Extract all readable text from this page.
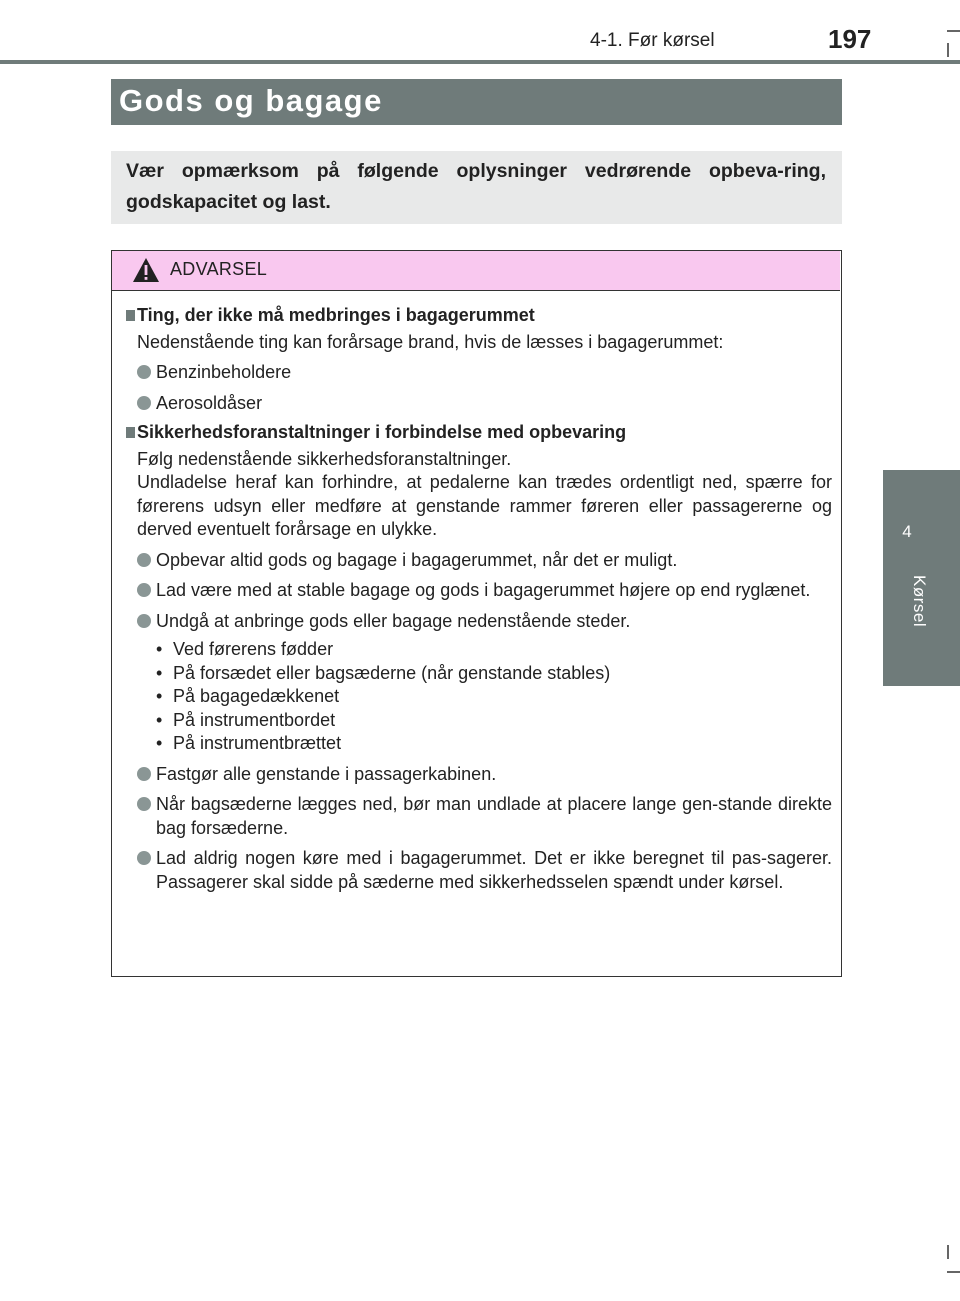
4-1. Før kørsel	197
4
Kørsel
Gods og bagage
Vær opmærksom på følgende oplysninger vedrørende opbeva-ring, godskapacitet og last.
ADVARSEL
Ting, der ikke må medbringes i bagagerummet
Nedenstående ting kan forårsage brand, hvis de læsses i bagagerummet:
Benzinbeholdere
Aerosoldåser
Sikkerhedsforanstaltninger i forbindelse med opbevaring
Følg nedenstående sikkerhedsforanstaltninger.
Undladelse heraf kan forhindre, at pedalerne kan trædes ordentligt ned, spærre for førerens udsyn eller medføre at genstande rammer føreren eller passagererne og derved eventuelt forårsage en ulykke.
Opbevar altid gods og bagage i bagagerummet, når det er muligt.
Lad være med at stable bagage og gods i bagagerummet højere op end ryglænet.
Undgå at anbringe gods eller bagage nedenstående steder.
• Ved førerens fødder
• På forsædet eller bagsæderne (når genstande stables)
• På bagagedækkenet
• På instrumentbordet
• På instrumentbrættet
Fastgør alle genstande i passagerkabinen.
Når bagsæderne lægges ned, bør man undlade at placere lange gen-stande direkte bag forsæderne.
Lad aldrig nogen køre med i bagagerummet. Det er ikke beregnet til pas-sagerer. Passagerer skal sidde på sæderne med sikkerhedsselen spændt under kørsel.
